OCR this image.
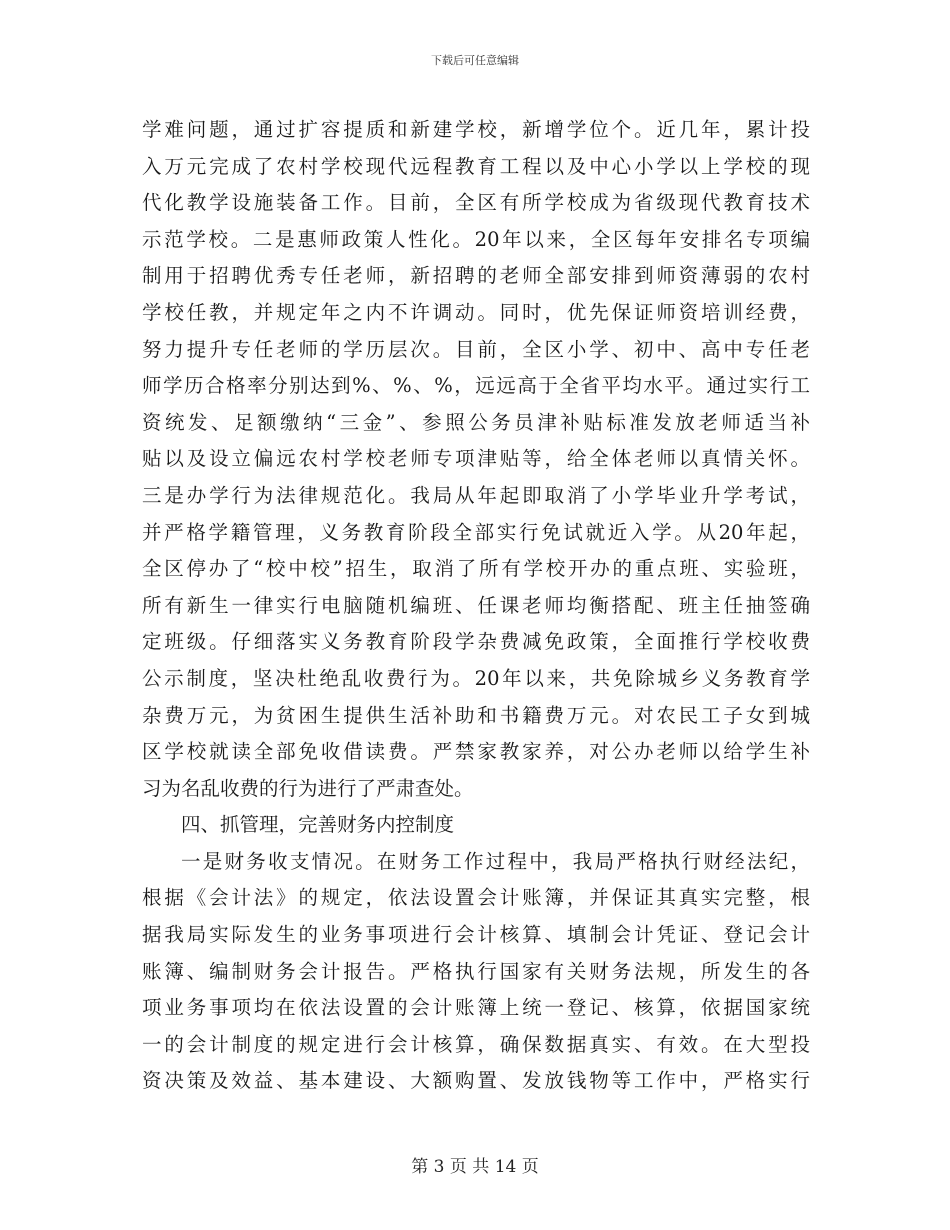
下载后可任意编辑
学难问题，通过扩容提质和新建学校，新增学位个。近几年，累计投
入万元完成了农村学校现代远程教育工程以及中心小学以上学校的现
代化教学设施装备工作。目前，全区有所学校成为省级现代教育技术
示范学校。二是惠师政策人性化。20年以来，全区每年安排名专项编
制用于招聘优秀专任老师，新招聘的老师全部安排到师资薄弱的农村
学校任教，并规定年之内不许调动。同时，优先保证师资培训经费，
努力提升专任老师的学历层次。目前，全区小学、初中、高中专任老
师学历合格率分别达到%、%、%，远远高于全省平均水平。通过实行工
资统发、足额缴纳“三金”、参照公务员津补贴标准发放老师适当补
贴以及设立偏远农村学校老师专项津贴等，给全体老师以真情关怀。
三是办学行为法律规范化。我局从年起即取消了小学毕业升学考试，
并严格学籍管理，义务教育阶段全部实行免试就近入学。从20年起，
全区停办了“校中校”招生，取消了所有学校开办的重点班、实验班，
所有新生一律实行电脑随机编班、任课老师均衡搭配、班主任抽签确
定班级。仔细落实义务教育阶段学杂费减免政策，全面推行学校收费
公示制度，坚决杜绝乱收费行为。20年以来，共免除城乡义务教育学
杂费万元，为贫困生提供生活补助和书籍费万元。对农民工子女到城
区学校就读全部免收借读费。严禁家教家养，对公办老师以给学生补
习为名乱收费的行为进行了严肃查处。
四、抓管理，完善财务内控制度
一是财务收支情况。在财务工作过程中，我局严格执行财经法纪，
根据《会计法》的规定，依法设置会计账簿，并保证其真实完整，根
据我局实际发生的业务事项进行会计核算、填制会计凭证、登记会计
账簿、编制财务会计报告。严格执行国家有关财务法规，所发生的各
项业务事项均在依法设置的会计账簿上统一登记、核算，依据国家统
一的会计制度的规定进行会计核算，确保数据真实、有效。在大型投
资决策及效益、基本建设、大额购置、发放钱物等工作中，严格实行
第 3 页 共 14 页
